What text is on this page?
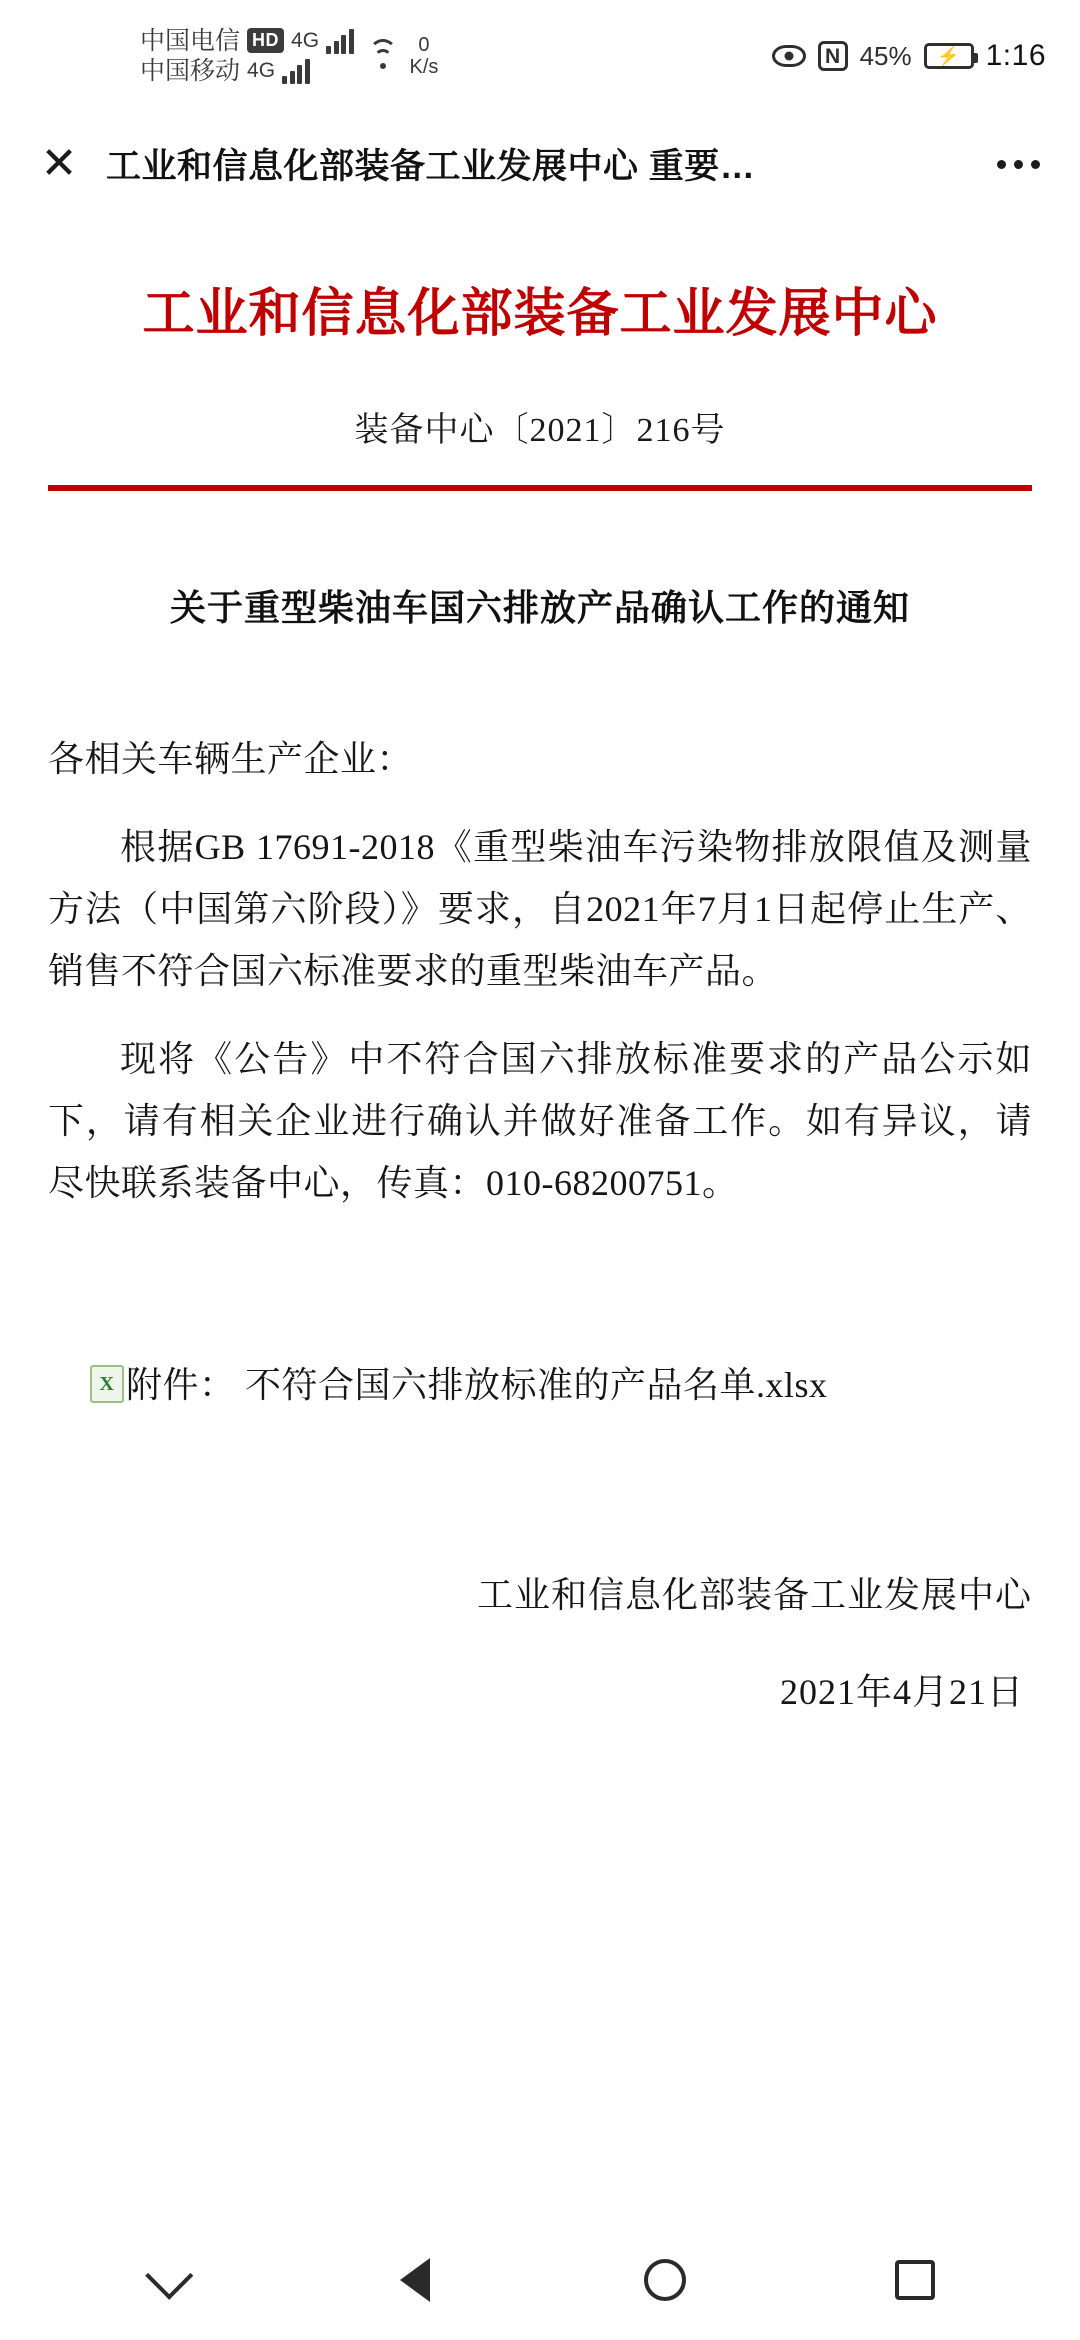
中国电信 HD 4G
中国移动 4G
0
K/s	N 45% ⚡ 1:16
✕ 工业和信息化部装备工业发展中心 重要…
工业和信息化部装备工业发展中心
装备中心〔2021〕216号
关于重型柴油车国六排放产品确认工作的通知
各相关车辆生产企业：
根据GB 17691-2018《重型柴油车污染物排放限值及测量方法（中国第六阶段）》要求，自2021年7月1日起停止生产、销售不符合国六标准要求的重型柴油车产品。
现将《公告》中不符合国六排放标准要求的产品公示如下，请有相关企业进行确认并做好准备工作。如有异议，请尽快联系装备中心，传真：010-68200751。
X 附件： 不符合国六排放标准的产品名单.xlsx
工业和信息化部装备工业发展中心
2021年4月21日
